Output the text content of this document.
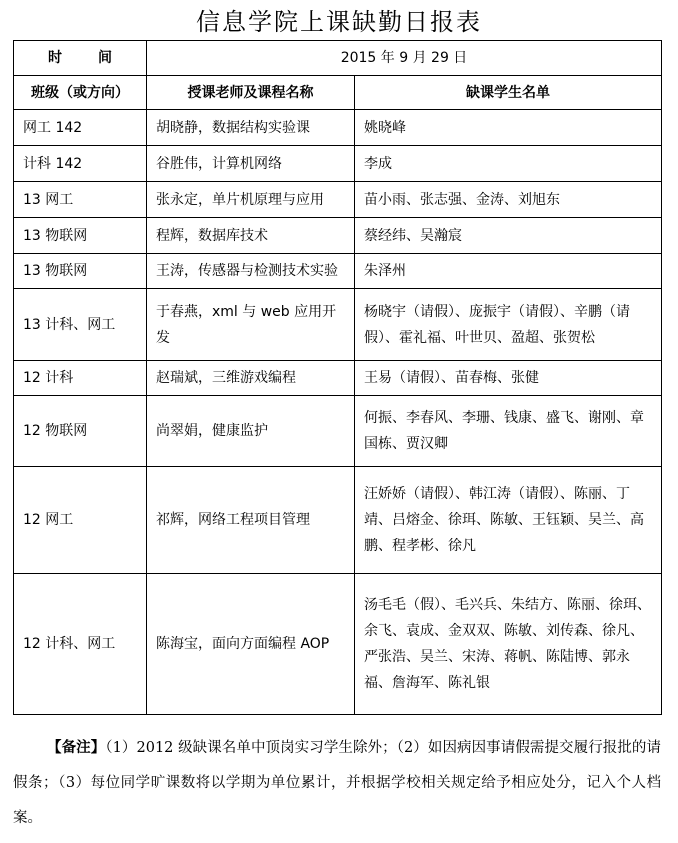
信息学院上课缺勤日报表
时 间	2015 年 9 月 29 日	
班级（或方向）	授课老师及课程名称	缺课学生名单
网工 142	胡晓静，数据结构实验课	姚晓峰
计科 142	谷胜伟，计算机网络	李成
13 网工	张永定，单片机原理与应用	苗小雨、张志强、金涛、刘旭东
13 物联网	程辉，数据库技术	蔡经纬、吴瀚宸
13 物联网	王涛，传感器与检测技术实验	朱泽州
13 计科、网工	于春燕，xml 与 web 应用开发	杨晓宇（请假）、庞振宇（请假）、辛鹏（请假）、霍礼福、叶世贝、盈超、张贺松
12 计科	赵瑞斌，三维游戏编程	王易（请假）、苗春梅、张健
12 物联网	尚翠娟，健康监护	何振、李春风、李珊、钱康、盛飞、谢刚、章国栋、贾汉卿
12 网工	祁辉，网络工程项目管理	汪娇娇（请假）、韩江涛（请假）、陈丽、丁靖、吕熔金、徐珥、陈敏、王钰颖、吴兰、高鹏、程孝彬、徐凡
12 计科、网工	陈海宝，面向方面编程 AOP	汤毛毛（假）、毛兴兵、朱结方、陈丽、徐珥、余飞、袁成、金双双、陈敏、刘传森、徐凡、严张浩、吴兰、宋涛、蒋帆、陈陆博、郭永福、詹海军、陈礼银

【备注】（1）2012 级缺课名单中顶岗实习学生除外；（2）如因病因事请假需提交履行报批的请假条；（3）每位同学旷课数将以学期为单位累计，并根据学校相关规定给予相应处分，记入个人档案。
